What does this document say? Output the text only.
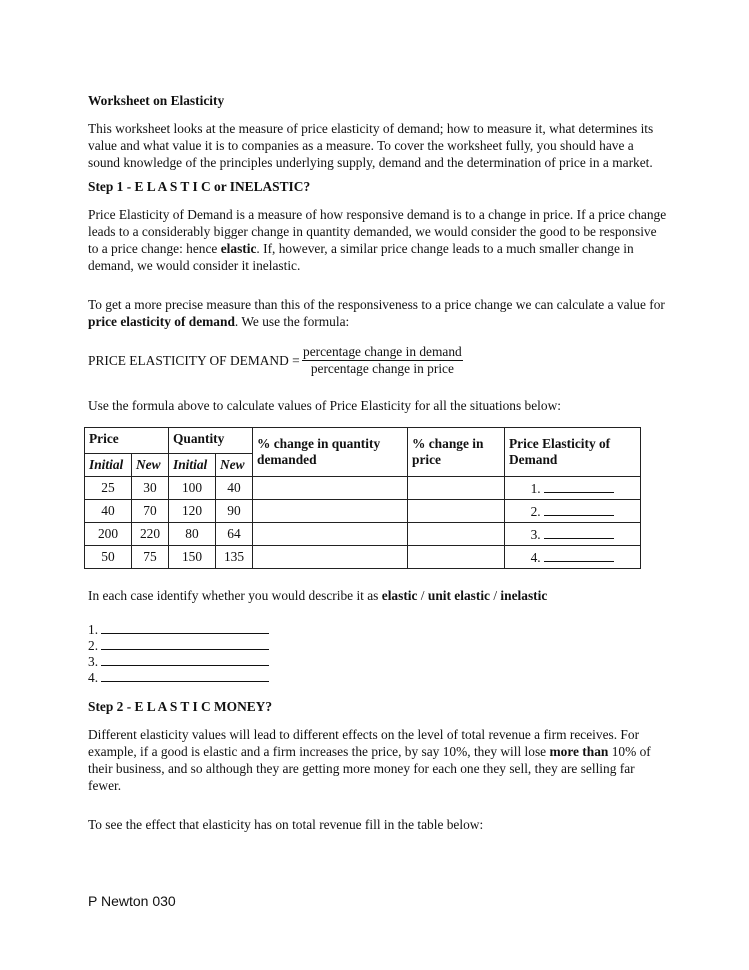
Worksheet on Elasticity

This worksheet looks at the measure of price elasticity of demand; how to measure it, what determines its value and what value it is to companies as a measure. To cover the worksheet fully, you should have a sound knowledge of the principles underlying supply, demand and the determination of price in a market.

Step 1 - E L A S T I C or INELASTIC?

Price Elasticity of Demand is a measure of how responsive demand is to a change in price. If a price change leads to a considerably bigger change in quantity demanded, we would consider the good to be responsive to a price change: hence elastic. If, however, a similar price change leads to a much smaller change in demand, we would consider it inelastic.

To get a more precise measure than this of the responsiveness to a price change we can calculate a value for price elasticity of demand. We use the formula:

PRICE ELASTICITY OF DEMAND =
percentage change in demand
percentage change in price

Use the formula above to calculate values of Price Elasticity for all the situations below:

Price		Quantity		% change in quantity demanded	% change in price	Price Elasticity of Demand
Initial	New	Initial	New			
25	30	100	40			1.
40	70	120	90			2.
200	220	80	64			3.
50	75	150	135			4.

In each case identify whether you would describe it as elastic / unit elastic / inelastic

1.
2.
3.
4.

Step 2 - E L A S T I C MONEY?

Different elasticity values will lead to different effects on the level of total revenue a firm receives. For example, if a good is elastic and a firm increases the price, by say 10%, they will lose more than 10% of their business, and so although they are getting more money for each one they sell, they are selling far fewer.

To see the effect that elasticity has on total revenue fill in the table below:

P Newton 030
